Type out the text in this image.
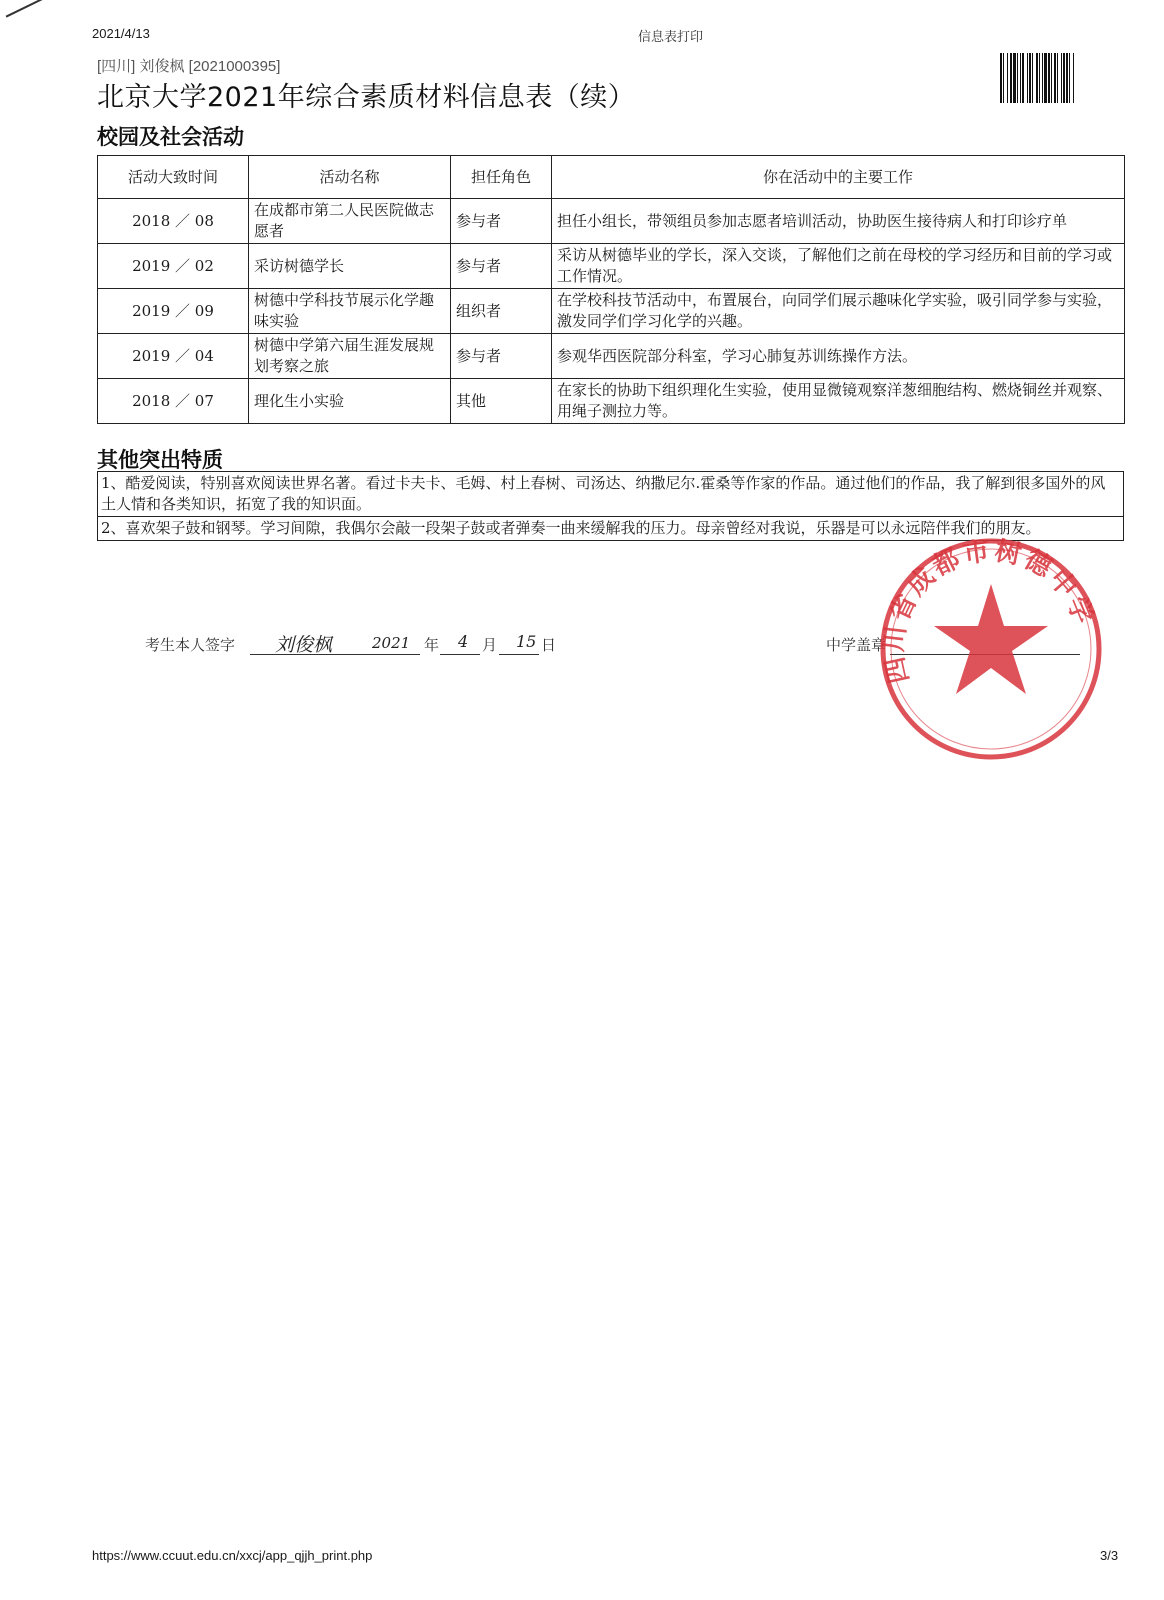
2021/4/13	信息表打印
[四川] 刘俊枫 [2021000395]
北京大学2021年综合素质材料信息表（续）
校园及社会活动
活动大致时间	活动名称	担任角色	你在活动中的主要工作
2018 ／ 08	在成都市第二人民医院做志愿者	参与者	担任小组长，带领组员参加志愿者培训活动，协助医生接待病人和打印诊疗单
2019 ／ 02	采访树德学长	参与者	采访从树德毕业的学长，深入交谈，了解他们之前在母校的学习经历和目前的学习或工作情况。
2019 ／ 09	树德中学科技节展示化学趣味实验	组织者	在学校科技节活动中，布置展台，向同学们展示趣味化学实验，吸引同学参与实验，激发同学们学习化学的兴趣。
2019 ／ 04	树德中学第六届生涯发展规划考察之旅	参与者	参观华西医院部分科室，学习心肺复苏训练操作方法。
2018 ／ 07	理化生小实验	其他	在家长的协助下组织理化生实验，使用显微镜观察洋葱细胞结构、燃烧铜丝并观察、用绳子测拉力等。
其他突出特质
1、酷爱阅读，特别喜欢阅读世界名著。看过卡夫卡、毛姆、村上春树、司汤达、纳撒尼尔.霍桑等作家的作品。通过他们的作品，我了解到很多国外的风土人情和各类知识，拓宽了我的知识面。
2、喜欢架子鼓和钢琴。学习间隙，我偶尔会敲一段架子鼓或者弹奏一曲来缓解我的压力。母亲曾经对我说，乐器是可以永远陪伴我们的朋友。
考生本人签字 刘俊枫	2021 年 4 月 15 日	中学盖章
四川省成都市树德中学
https://www.ccuut.edu.cn/xxcj/app_qjjh_print.php	3/3
